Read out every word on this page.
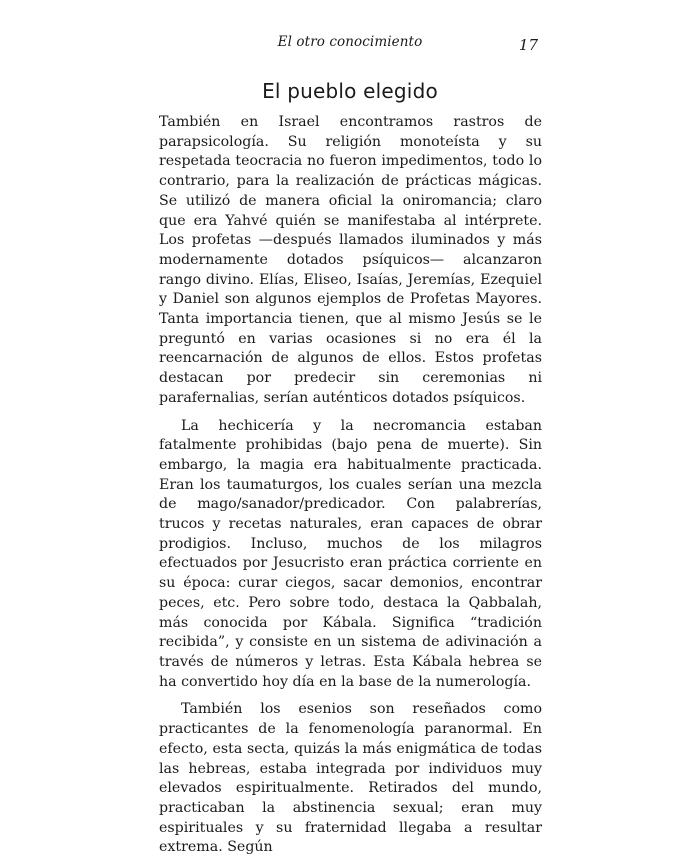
El otro conocimiento	17
El pueblo elegido

También en Israel encontramos rastros de parapsicología. Su religión monoteísta y su respetada teocracia no fueron impedimentos, todo lo contrario, para la realización de prácticas mágicas. Se utilizó de manera oficial la oniromancia; claro que era Yahvé quién se manifestaba al intérprete. Los profetas —después llamados iluminados y más modernamente dotados psíquicos— alcanzaron rango divino. Elías, Eliseo, Isaías, Jeremías, Ezequiel y Daniel son algunos ejemplos de Profetas Mayores. Tanta importancia tienen, que al mismo Jesús se le preguntó en varias ocasiones si no era él la reencarnación de algunos de ellos. Estos profetas destacan por predecir sin ceremonias ni parafernalias, serían auténticos dotados psíquicos.

La hechicería y la necromancia estaban fatalmente prohibidas (bajo pena de muerte). Sin embargo, la magia era habitualmente practicada. Eran los taumaturgos, los cuales serían una mezcla de mago/sanador/predicador. Con palabrerías, trucos y recetas naturales, eran capaces de obrar prodigios. Incluso, muchos de los milagros efectuados por Jesucristo eran práctica corriente en su época: curar ciegos, sacar demonios, encontrar peces, etc. Pero sobre todo, destaca la Qabbalah, más conocida por Kábala. Significa “tradición recibida”, y consiste en un sistema de adivinación a través de números y letras. Esta Kábala hebrea se ha convertido hoy día en la base de la numerología.

También los esenios son reseñados como practicantes de la fenomenología paranormal. En efecto, esta secta, quizás la más enigmática de todas las hebreas, estaba integrada por individuos muy elevados espiritualmente. Retirados del mundo, practicaban la abstinencia sexual; eran muy espirituales y su fraternidad llegaba a resultar extrema. Según
